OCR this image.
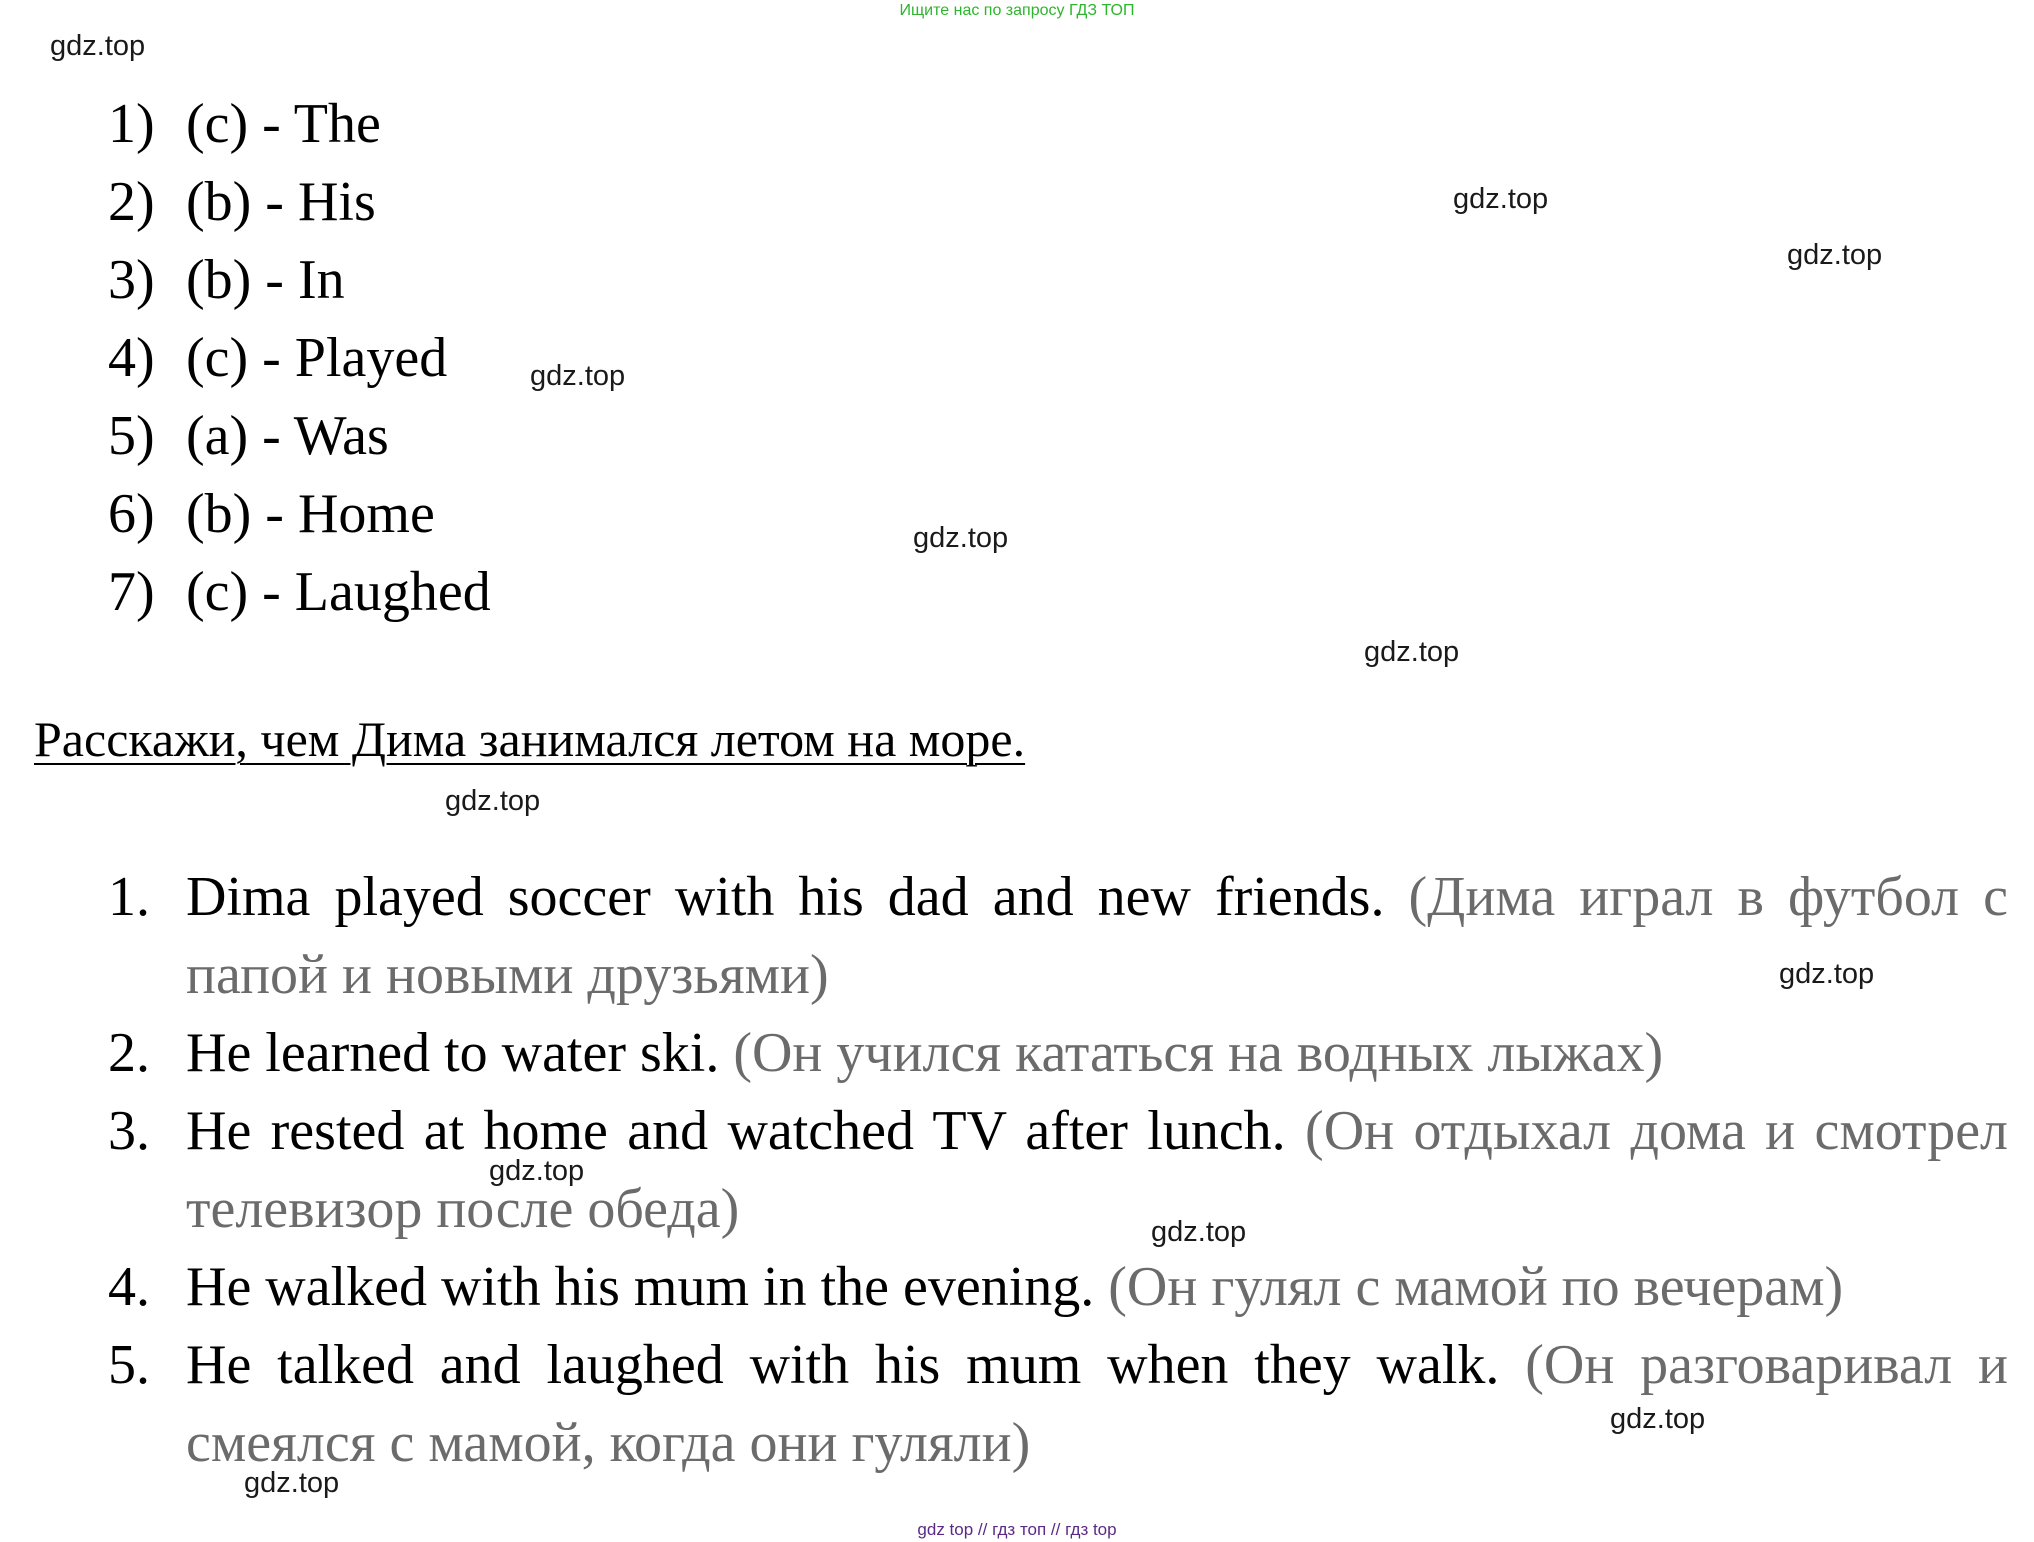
Ищите нас по запросу ГДЗ ТОП
1) (c) - The
2) (b) - His
3) (b) - In
4) (c) - Played
5) (a) - Was
6) (b) - Home
7) (c) - Laughed
Расскажи, чем Дима занимался летом на море.
1. Dima played soccer with his dad and new friends. (Дима играл в футбол с папой и новыми друзьями)
2. He learned to water ski. (Он учился кататься на водных лыжах)
3. He rested at home and watched TV after lunch. (Он отдыхал дома и смотрел телевизор после обеда)
4. He walked with his mum in the evening. (Он гулял с мамой по вечерам)
5. He talked and laughed with his mum when they walk. (Он разговаривал и смеялся с мамой, когда они гуляли)
gdz.top
gdz.top
gdz.top
gdz.top
gdz.top
gdz.top
gdz.top
gdz.top
gdz.top
gdz.top
gdz.top
gdz.top
gdz top // гдз топ // гдз top
